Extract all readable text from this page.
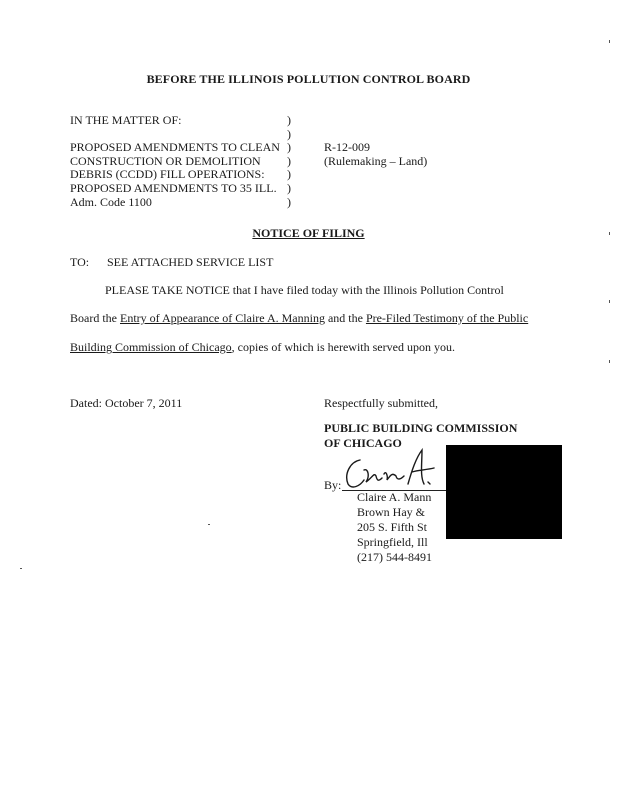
BEFORE THE ILLINOIS POLLUTION CONTROL BOARD
IN THE MATTER OF:

PROPOSED AMENDMENTS TO CLEAN
CONSTRUCTION OR DEMOLITION
DEBRIS (CCDD) FILL OPERATIONS:
PROPOSED AMENDMENTS TO 35 ILL.
Adm. Code 1100
)
)
)
)
)
)
)
R-12-009
(Rulemaking – Land)
NOTICE OF FILING
TO: SEE ATTACHED SERVICE LIST
PLEASE TAKE NOTICE that I have filed today with the Illinois Pollution Control
Board the Entry of Appearance of Claire A. Manning and the Pre-Filed Testimony of the Public
Building Commission of Chicago, copies of which is herewith served upon you.
Dated: October 7, 2011	Respectfully submitted,
PUBLIC BUILDING COMMISSION
OF CHICAGO
By:
Claire A. Mann
Brown Hay &
205 S. Fifth St
Springfield, Ill
(217) 544-8491
